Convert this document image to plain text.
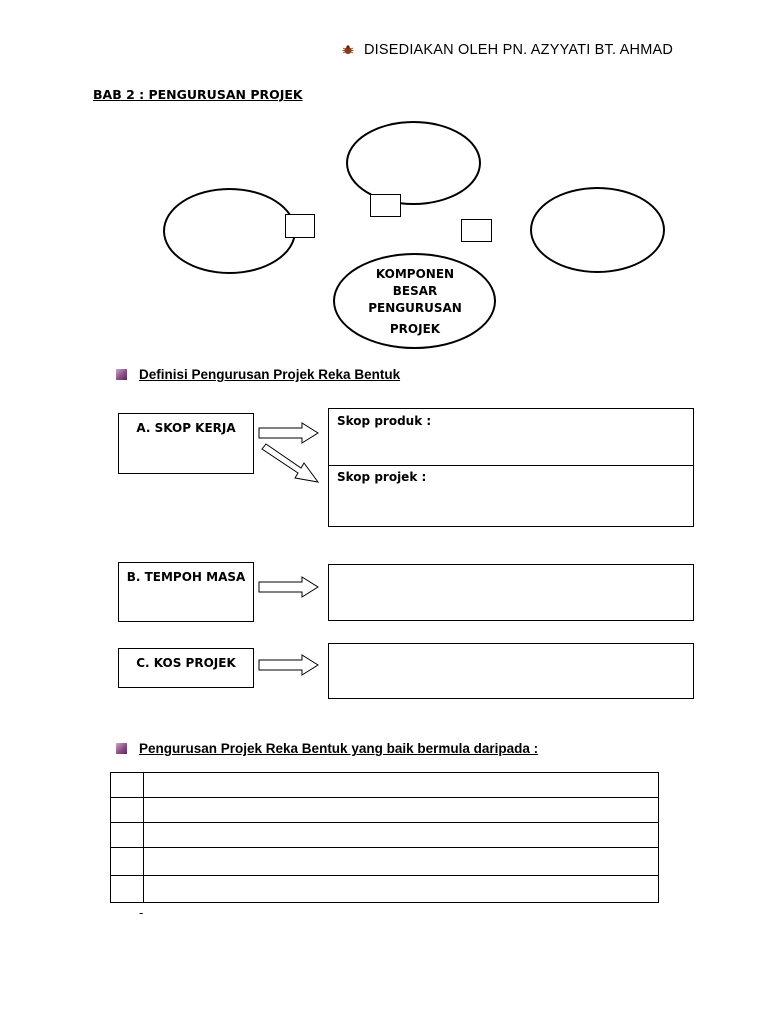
DISEDIAKAN OLEH PN. AZYYATI BT. AHMAD
BAB 2 : PENGURUSAN PROJEK
KOMPONEN
BESAR
PENGURUSAN
PROJEK
Definisi Pengurusan Projek Reka Bentuk
A. SKOP KERJA	Skop produk :
Skop projek :
B. TEMPOH MASA
C. KOS PROJEK
Pengurusan Projek Reka Bentuk yang baik bermula daripada :

-
